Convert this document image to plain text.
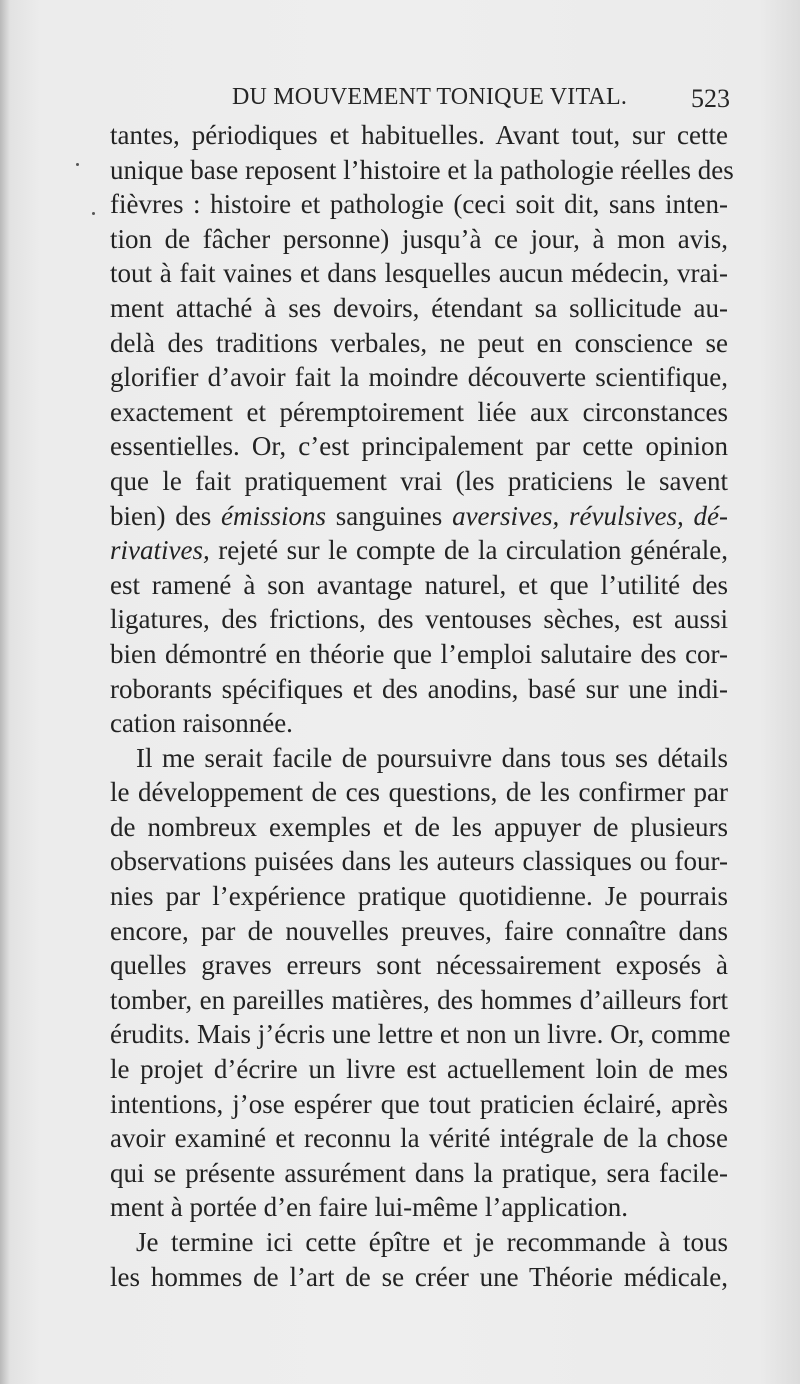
DU MOUVEMENT TONIQUE VITAL. 523
tantes, périodiques et habituelles. Avant tout, sur cette
unique base reposent l’histoire et la pathologie réelles des
fièvres : histoire et pathologie (ceci soit dit, sans inten-
tion de fâcher personne) jusqu’à ce jour, à mon avis,
tout à fait vaines et dans lesquelles aucun médecin, vrai-
ment attaché à ses devoirs, étendant sa sollicitude au-
delà des traditions verbales, ne peut en conscience se
glorifier d’avoir fait la moindre découverte scientifique,
exactement et péremptoirement liée aux circonstances
essentielles. Or, c’est principalement par cette opinion
que le fait pratiquement vrai (les praticiens le savent
bien) des émissions sanguines aversives, révulsives, dé-
rivatives, rejeté sur le compte de la circulation générale,
est ramené à son avantage naturel, et que l’utilité des
ligatures, des frictions, des ventouses sèches, est aussi
bien démontré en théorie que l’emploi salutaire des cor-
roborants spécifiques et des anodins, basé sur une indi-
cation raisonnée.
Il me serait facile de poursuivre dans tous ses détails
le développement de ces questions, de les confirmer par
de nombreux exemples et de les appuyer de plusieurs
observations puisées dans les auteurs classiques ou four-
nies par l’expérience pratique quotidienne. Je pourrais
encore, par de nouvelles preuves, faire connaître dans
quelles graves erreurs sont nécessairement exposés à
tomber, en pareilles matières, des hommes d’ailleurs fort
érudits. Mais j’écris une lettre et non un livre. Or, comme
le projet d’écrire un livre est actuellement loin de mes
intentions, j’ose espérer que tout praticien éclairé, après
avoir examiné et reconnu la vérité intégrale de la chose
qui se présente assurément dans la pratique, sera facile-
ment à portée d’en faire lui-même l’application.
Je termine ici cette épître et je recommande à tous
les hommes de l’art de se créer une Théorie médicale,
